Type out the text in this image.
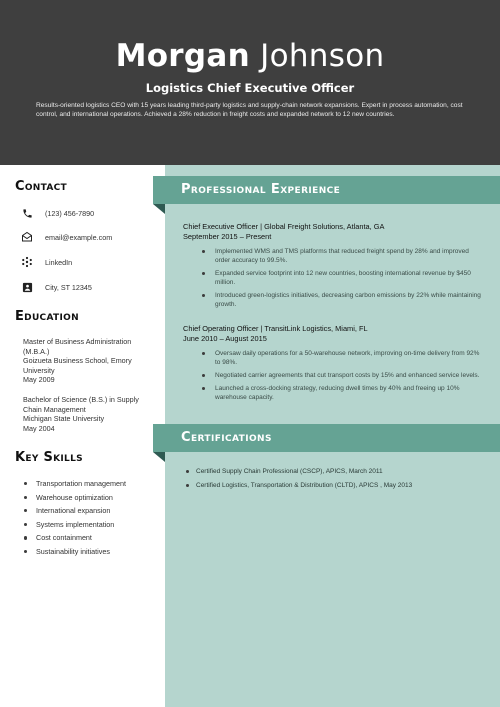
Morgan Johnson
Logistics Chief Executive Officer
Results-oriented logistics CEO with 15 years leading third-party logistics and supply-chain network expansions. Expert in process automation, cost control, and international operations. Achieved a 28% reduction in freight costs and expanded network to 12 new countries.
Professional Experience
Chief Executive Officer | Global Freight Solutions, Atlanta, GA
September 2015 – Present
Implemented WMS and TMS platforms that reduced freight spend by 28% and improved order accuracy to 99.5%.
Expanded service footprint into 12 new countries, boosting international revenue by $450 million.
Introduced green-logistics initiatives, decreasing carbon emissions by 22% while maintaining growth.
Chief Operating Officer | TransitLink Logistics, Miami, FL
June 2010 – August 2015
Oversaw daily operations for a 50-warehouse network, improving on-time delivery from 92% to 98%.
Negotiated carrier agreements that cut transport costs by 15% and enhanced service levels.
Launched a cross-docking strategy, reducing dwell times by 40% and freeing up 10% warehouse capacity.
Certifications
Certified Supply Chain Professional (CSCP), APICS, March 2011
Certified Logistics, Transportation & Distribution (CLTD), APICS , May 2013
Contact
(123) 456-7890
email@example.com
LinkedIn
City, ST 12345
Education
Master of Business Administration (M.B.A.)
Goizueta Business School, Emory University
May 2009
Bachelor of Science (B.S.) in Supply Chain Management
Michigan State University
May 2004
Key Skills
Transportation management
Warehouse optimization
International expansion
Systems implementation
Cost containment
Sustainability initiatives
